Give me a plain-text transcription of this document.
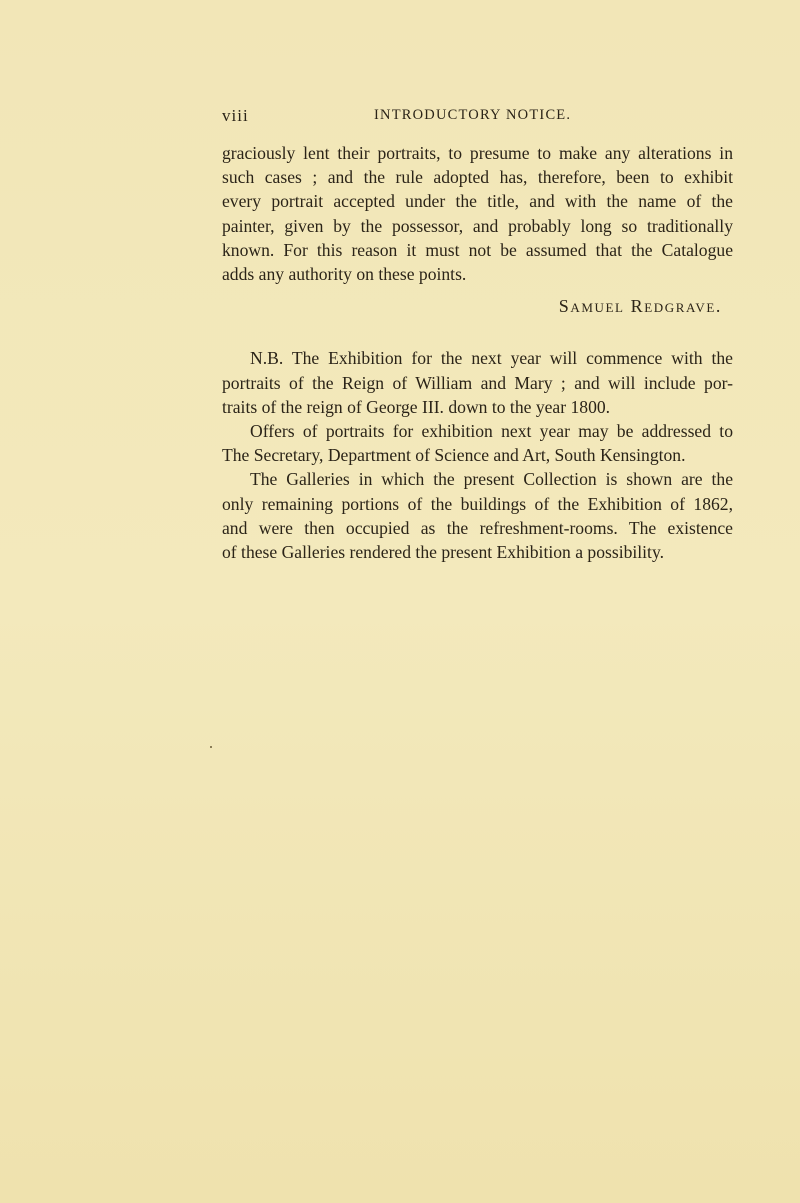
viii	INTRODUCTORY NOTICE.
graciously lent their portraits, to presume to make any alterations in
such cases ; and the rule adopted has, therefore, been to exhibit
every portrait accepted under the title, and with the name of the
painter, given by the possessor, and probably long so traditionally
known. For this reason it must not be assumed that the Catalogue
adds any authority on these points.
Samuel Redgrave.
N.B. The Exhibition for the next year will commence with the
portraits of the Reign of William and Mary ; and will include por-
traits of the reign of George III. down to the year 1800.
Offers of portraits for exhibition next year may be addressed to
The Secretary, Department of Science and Art, South Kensington.
The Galleries in which the present Collection is shown are the
only remaining portions of the buildings of the Exhibition of 1862,
and were then occupied as the refreshment-rooms. The existence
of these Galleries rendered the present Exhibition a possibility.
